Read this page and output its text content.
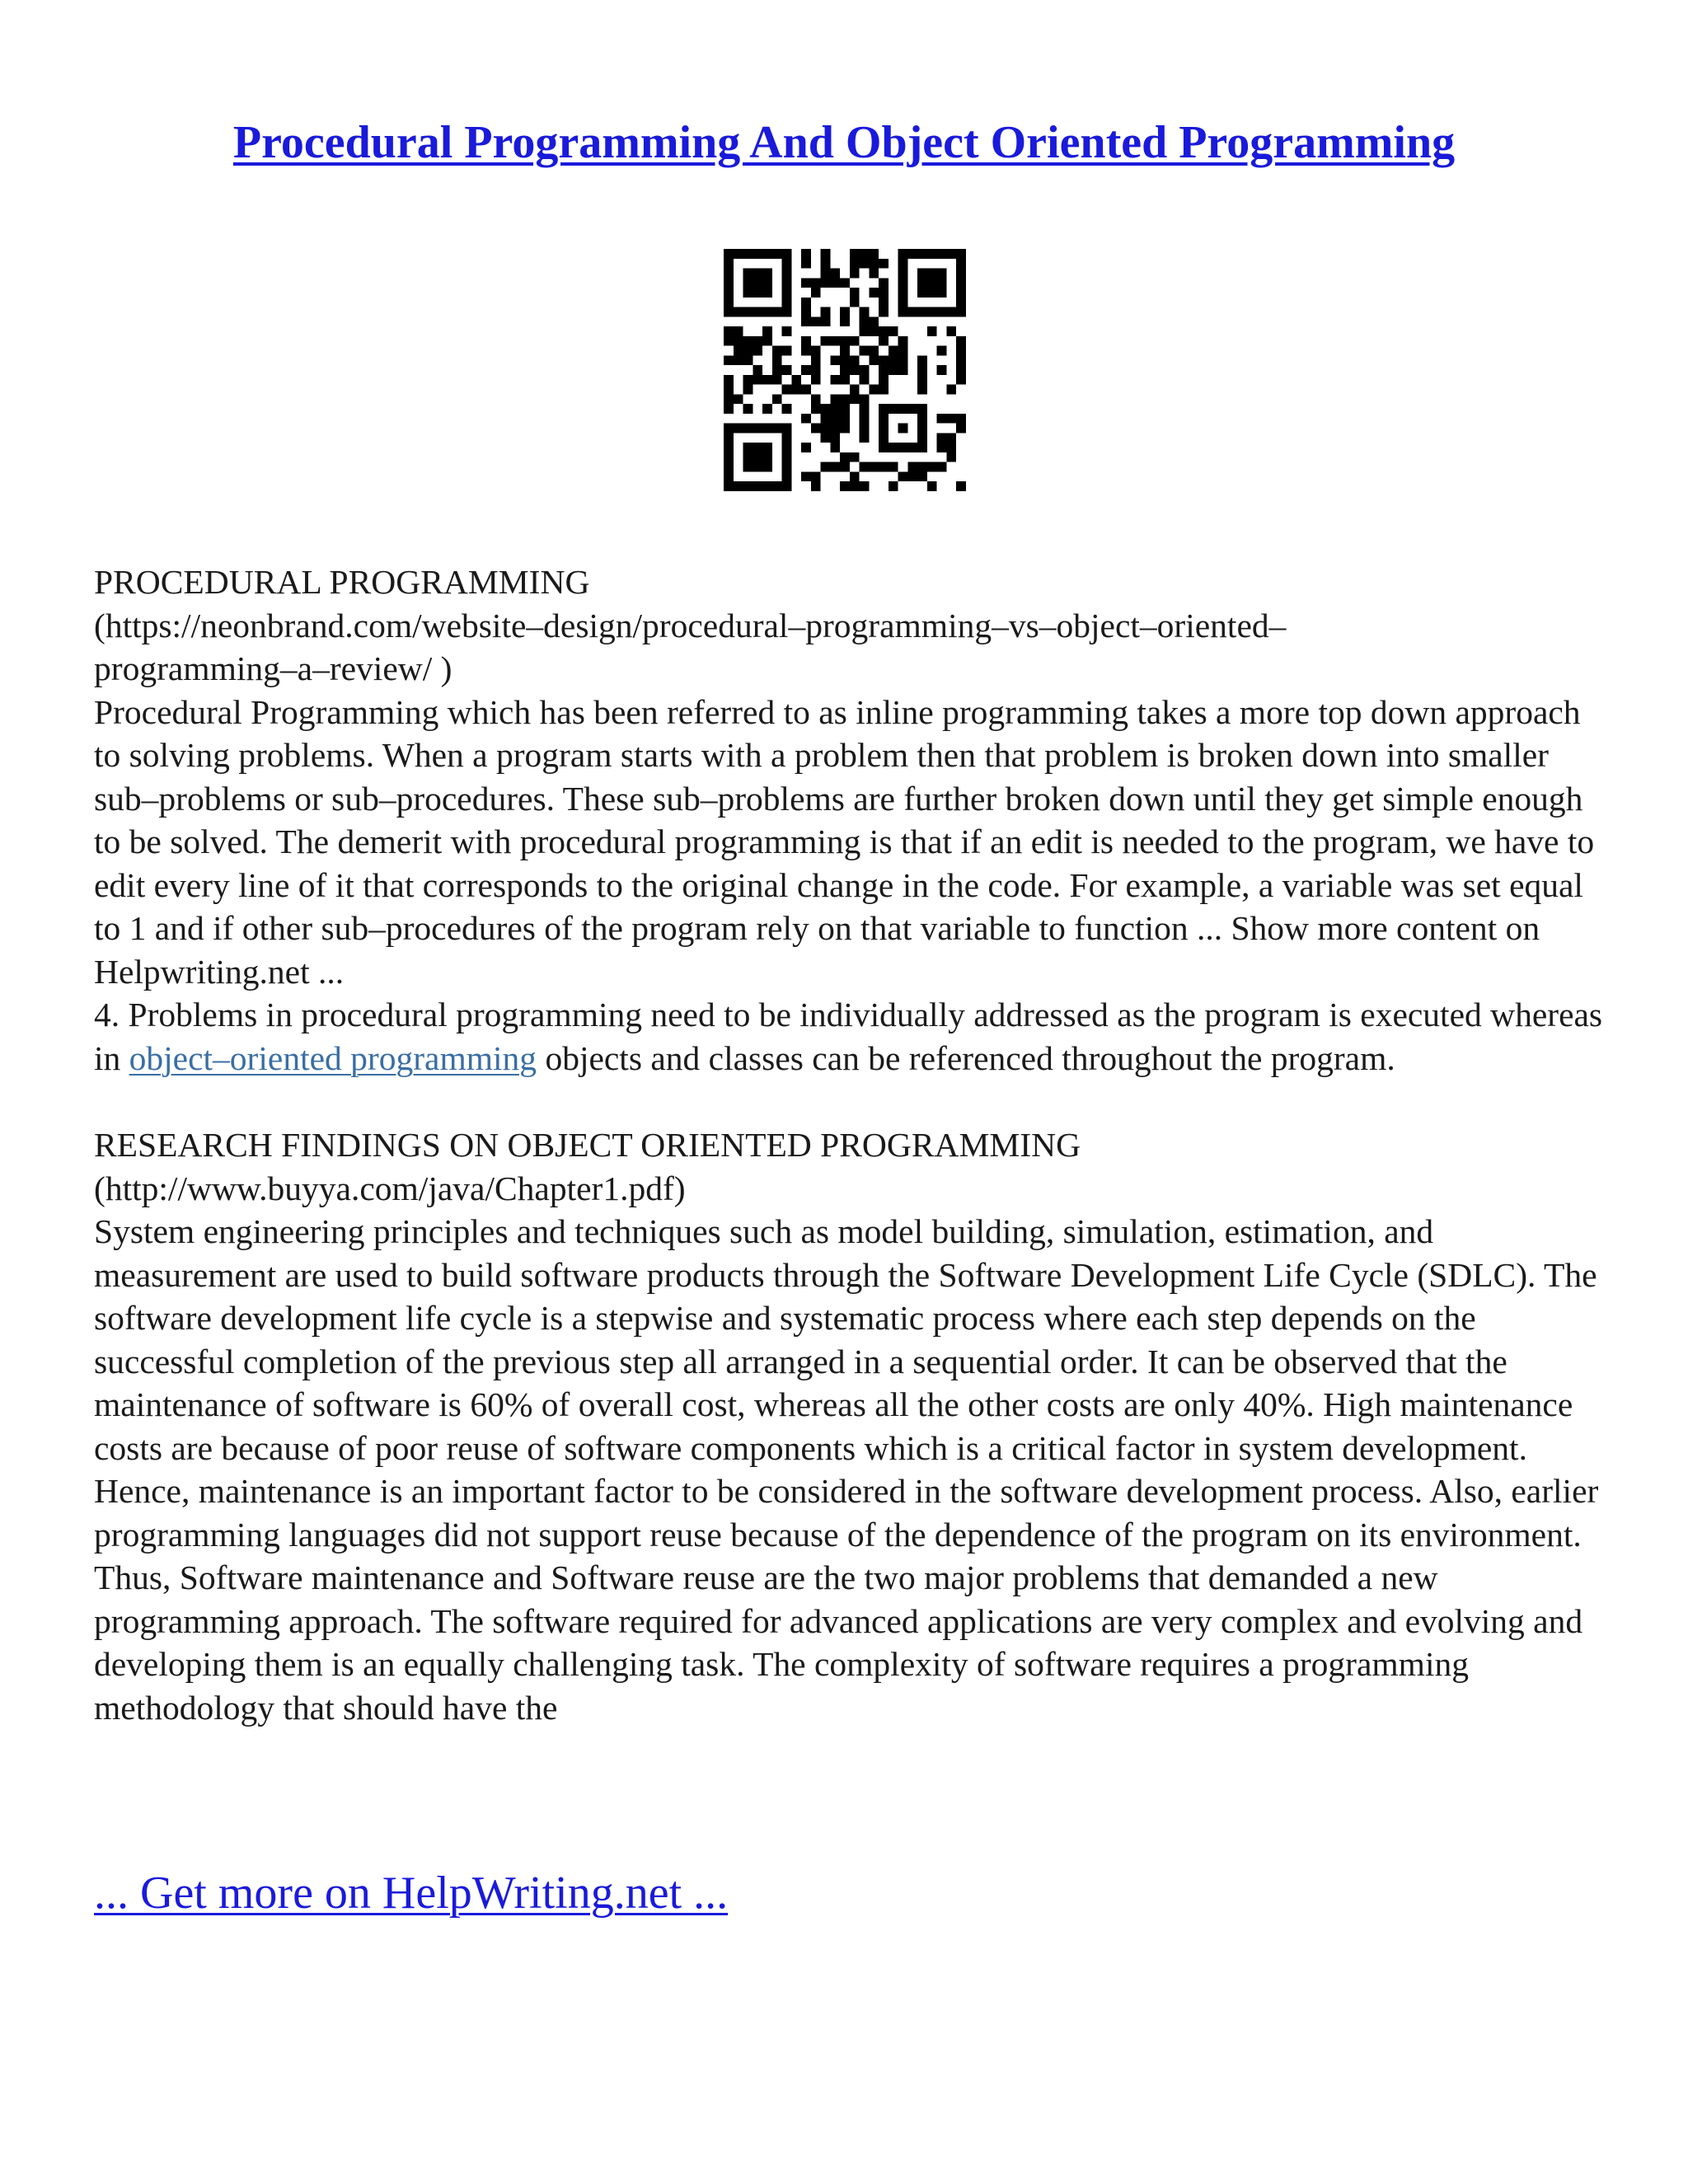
Procedural Programming And Object Oriented Programming

PROCEDURAL PROGRAMMING

(https://neonbrand.com/website–design/procedural–programming–vs–object–oriented–
programming–a–review/ )

Procedural Programming which has been referred to as inline programming takes a more top down approach to solving problems. When a program starts with a problem then that problem is broken down into smaller sub–problems or sub–procedures. These sub–problems are further broken down until they get simple enough to be solved. The demerit with procedural programming is that if an edit is needed to the program, we have to edit every line of it that corresponds to the original change in the code. For example, a variable was set equal to 1 and if other sub–procedures of the program rely on that variable to function ... Show more content on Helpwriting.net ...

4. Problems in procedural programming need to be individually addressed as the program is executed whereas in object–oriented programming objects and classes can be referenced throughout the program.

RESEARCH FINDINGS ON OBJECT ORIENTED PROGRAMMING

(http://www.buyya.com/java/Chapter1.pdf)

System engineering principles and techniques such as model building, simulation, estimation, and measurement are used to build software products through the Software Development Life Cycle (SDLC). The software development life cycle is a stepwise and systematic process where each step depends on the successful completion of the previous step all arranged in a sequential order. It can be observed that the maintenance of software is 60% of overall cost, whereas all the other costs are only 40%. High maintenance costs are because of poor reuse of software components which is a critical factor in system development. Hence, maintenance is an important factor to be considered in the software development process. Also, earlier programming languages did not support reuse because of the dependence of the program on its environment. Thus, Software maintenance and Software reuse are the two major problems that demanded a new programming approach. The software required for advanced applications are very complex and evolving and developing them is an equally challenging task. The complexity of software requires a programming methodology that should have the

... Get more on HelpWriting.net ...
